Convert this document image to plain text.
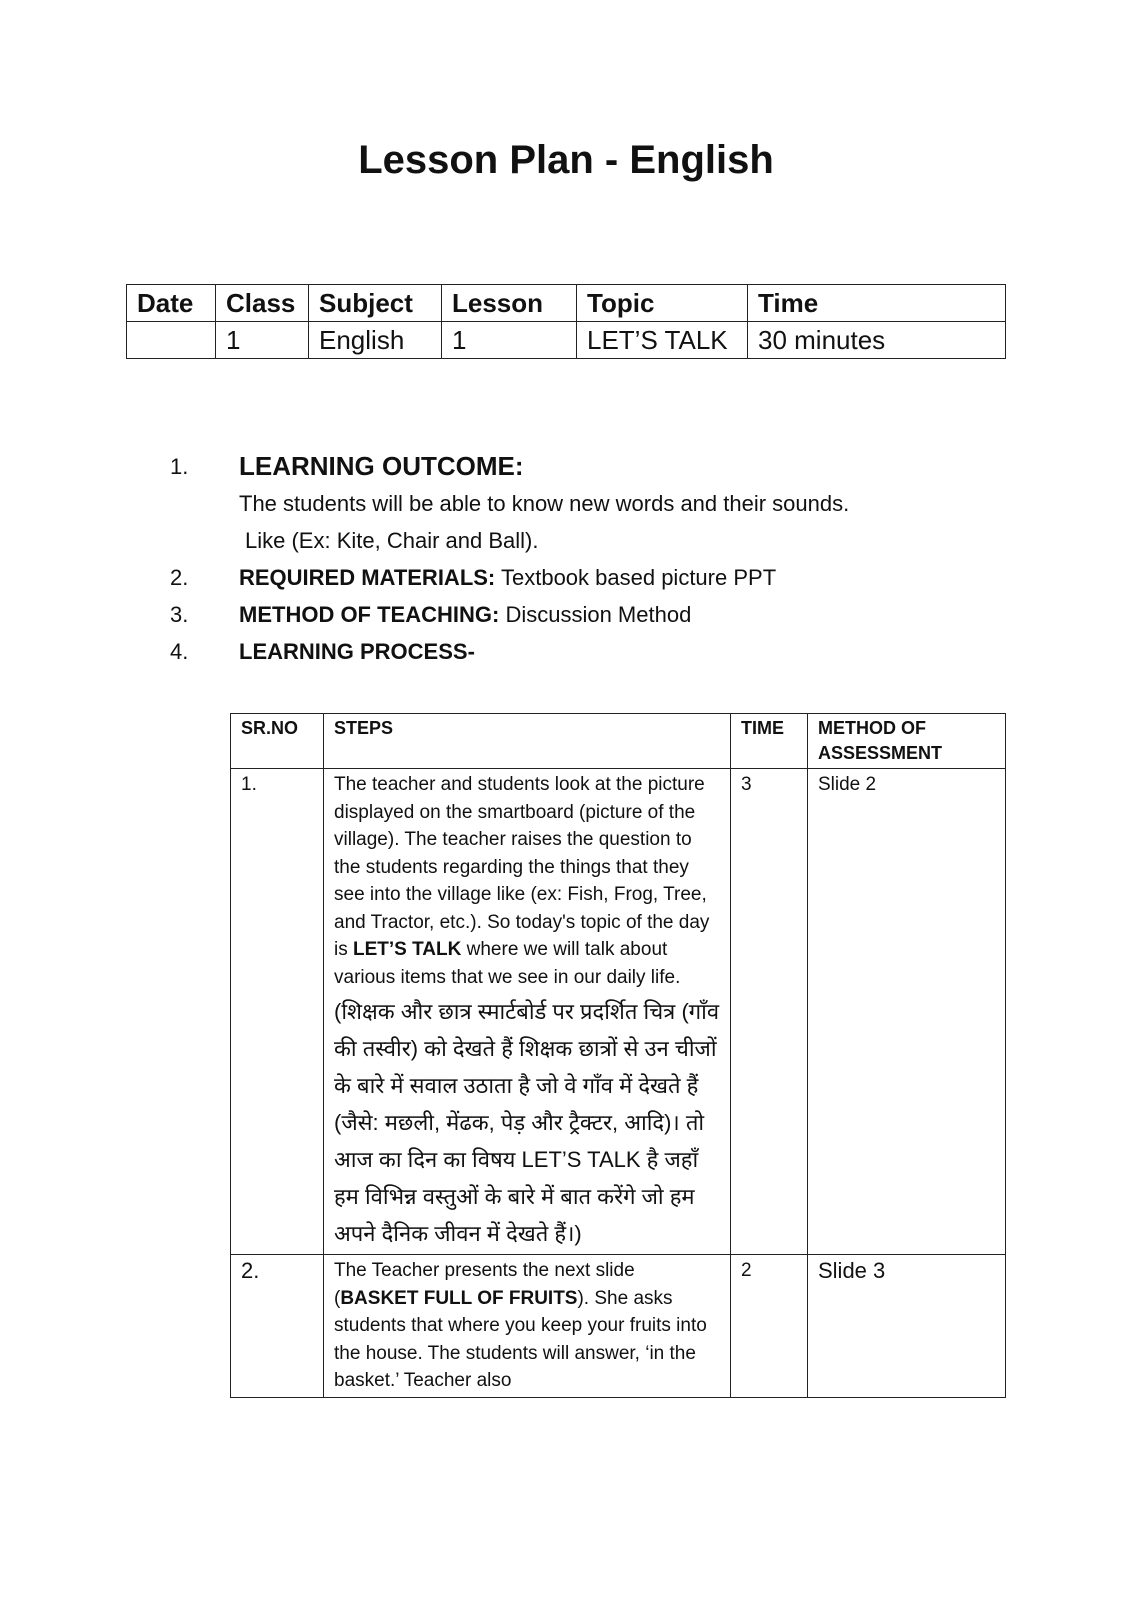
Lesson Plan - English
Date	Class	Subject	Lesson	Topic	Time
	1	English	1	LET’S TALK	30 minutes
1.	LEARNING OUTCOME:
The students will be able to know new words and their sounds.
Like (Ex: Kite, Chair and Ball).
2.	REQUIRED MATERIALS: Textbook based picture PPT
3.	METHOD OF TEACHING: Discussion Method
4.	LEARNING PROCESS-
SR.NO	STEPS	TIME	METHOD OF ASSESSMENT
1.	The teacher and students look at the picture displayed on the smartboard (picture of the village). The teacher raises the question to the students regarding the things that they see into the village like (ex: Fish, Frog, Tree, and Tractor, etc.). So today's topic of the day is LET’S TALK where we will talk about various items that we see in our daily life.
(शिक्षक और छात्र स्मार्टबोर्ड पर प्रदर्शित चित्र (गाँव की तस्वीर) को देखते हैं शिक्षक छात्रों से उन चीजों के बारे में सवाल उठाता है जो वे गाँव में देखते हैं (जैसे: मछली, मेंढक, पेड़ और ट्रैक्टर, आदि)। तो आज का दिन का विषय LET’S TALK है जहाँ हम विभिन्न वस्तुओं के बारे में बात करेंगे जो हम अपने दैनिक जीवन में देखते हैं।)	3	Slide 2
2.	The Teacher presents the next slide (BASKET FULL OF FRUITS). She asks students that where you keep your fruits into the house. The students will answer, ‘in the basket.’ Teacher also	2	Slide 3
